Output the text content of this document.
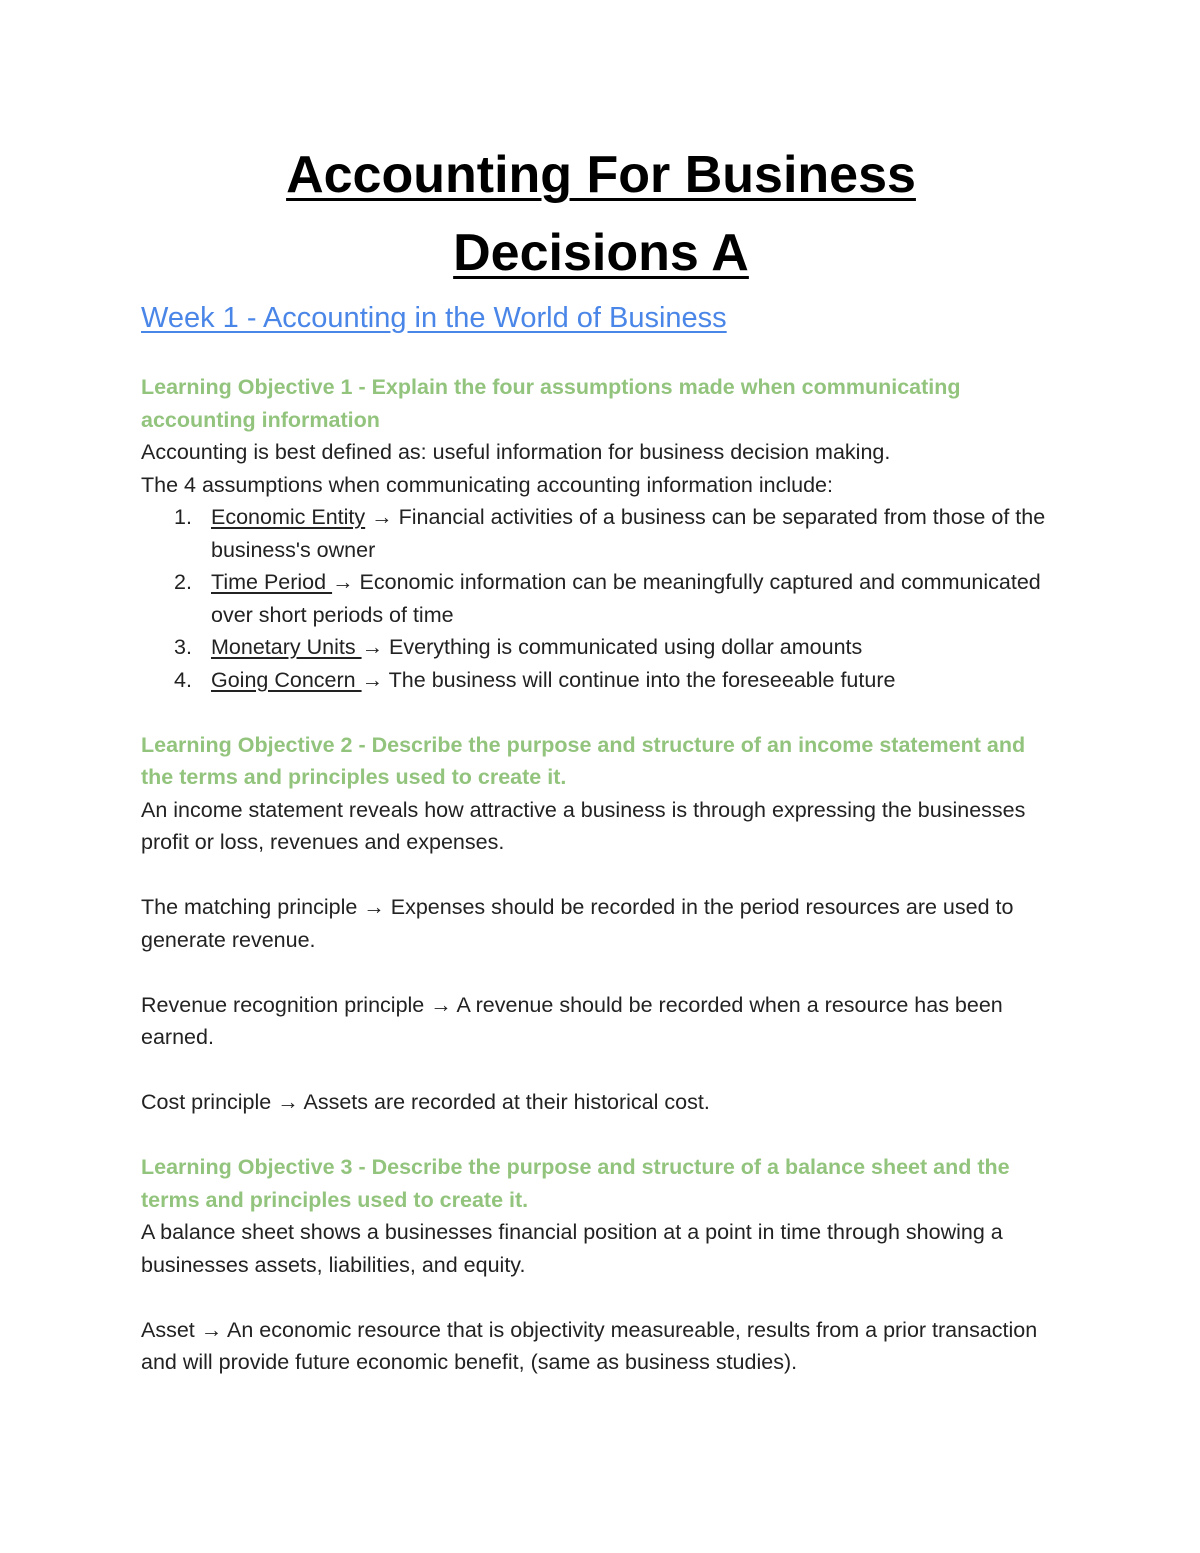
Accounting For Business
Decisions A

Week 1 - Accounting in the World of Business

Learning Objective 1 - Explain the four assumptions made when communicating accounting information

Accounting is best defined as: useful information for business decision making.

The 4 assumptions when communicating accounting information include:

1. Economic Entity → Financial activities of a business can be separated from those of the business's owner
2. Time Period → Economic information can be meaningfully captured and communicated over short periods of time
3. Monetary Units → Everything is communicated using dollar amounts
4. Going Concern → The business will continue into the foreseeable future

Learning Objective 2 - Describe the purpose and structure of an income statement and the terms and principles used to create it.

An income statement reveals how attractive a business is through expressing the businesses profit or loss, revenues and expenses.

The matching principle → Expenses should be recorded in the period resources are used to generate revenue.

Revenue recognition principle → A revenue should be recorded when a resource has been earned.

Cost principle → Assets are recorded at their historical cost.

Learning Objective 3 - Describe the purpose and structure of a balance sheet and the terms and principles used to create it.

A balance sheet shows a businesses financial position at a point in time through showing a businesses assets, liabilities, and equity.

Asset → An economic resource that is objectivity measureable, results from a prior transaction and will provide future economic benefit, (same as business studies).
